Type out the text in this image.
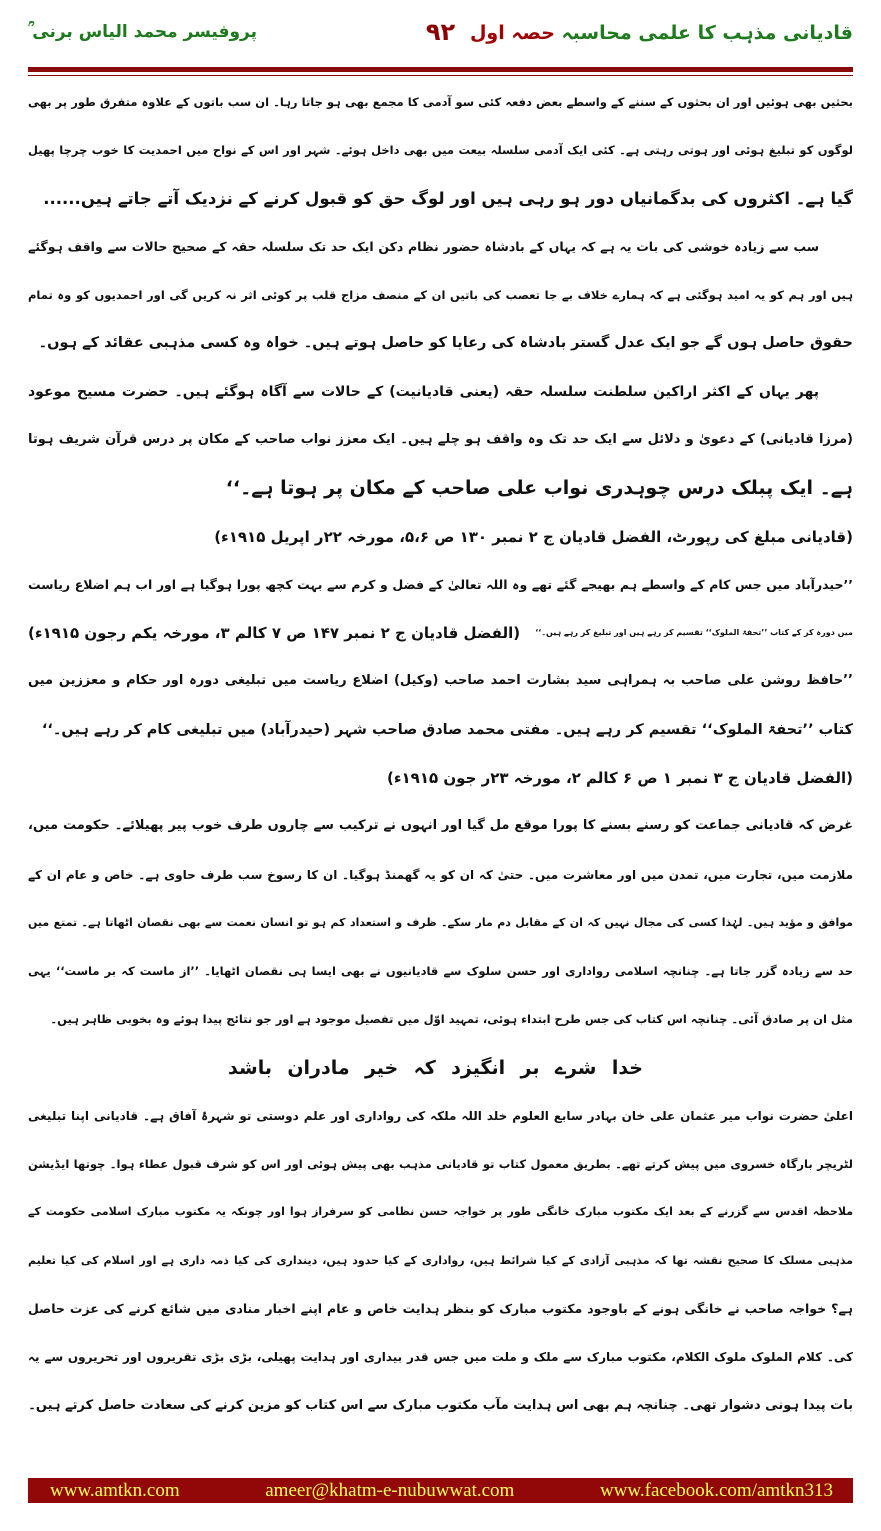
قادیانی مذہب کا علمی محاسبہ حصہ اول
۹۲
پروفیسر محمد الیاس برنی ؒ
بحثیں بھی ہوئیں اور ان بحثوں کے سننے کے واسطے بعض دفعہ کئی سو آدمی کا مجمع بھی ہو جاتا رہا۔ ان سب باتوں کے علاوہ متفرق طور پر بھی
لوگوں کو تبلیغ ہوئی اور ہوتی رہتی ہے۔ کئی ایک آدمی سلسلہ بیعت میں بھی داخل ہوئے۔ شہر اور اس کے نواح میں احمدیت کا خوب چرچا پھیل
گیا ہے۔ اکثروں کی بدگمانیاں دور ہو رہی ہیں اور لوگ حق کو قبول کرنے کے نزدیک آتے جاتے ہیں......
سب سے زیادہ خوشی کی بات یہ ہے کہ یہاں کے بادشاہ حضور نظام دکن ایک حد تک سلسلہ حقہ کے صحیح حالات سے واقف ہوگئے
ہیں اور ہم کو یہ امید ہوگئی ہے کہ ہمارے خلاف بے جا تعصب کی باتیں ان کے منصف مزاج قلب پر کوئی اثر نہ کریں گی اور احمدیوں کو وہ تمام
حقوق حاصل ہوں گے جو ایک عدل گستر بادشاہ کی رعایا کو حاصل ہوتے ہیں۔ خواہ وہ کسی مذہبی عقائد کے ہوں۔
پھر یہاں کے اکثر اراکین سلطنت سلسلہ حقہ (یعنی قادیانیت) کے حالات سے آگاہ ہوگئے ہیں۔ حضرت مسیح موعود
(مرزا قادیانی) کے دعویٰ و دلائل سے ایک حد تک وہ واقف ہو چلے ہیں۔ ایک معزز نواب صاحب کے مکان پر درس قرآن شریف ہوتا
ہے۔ ایک پبلک درس چوہدری نواب علی صاحب کے مکان پر ہوتا ہے۔‘‘
(قادیانی مبلغ کی رپورٹ، الفضل قادیان ج ۲ نمبر ۱۳۰ ص ۵،۶، مورخہ ۲۲ر اپریل ۱۹۱۵ء)
’’حیدرآباد میں جس کام کے واسطے ہم بھیجے گئے تھے وہ اللہ تعالیٰ کے فضل و کرم سے بہت کچھ پورا ہوگیا ہے اور اب ہم اضلاع ریاست
میں دورہ کر کے کتاب ’’تحفۃ الملوک‘‘ تقسیم کر رہے ہیں اور تبلیغ کر رہے ہیں۔‘‘
(الفضل قادیان ج ۲ نمبر ۱۴۷ ص ۷ کالم ۳، مورخہ یکم رجون ۱۹۱۵ء)
’’حافظ روشن علی صاحب بہ ہمراہی سید بشارت احمد صاحب (وکیل) اضلاع ریاست میں تبلیغی دورہ اور حکام و معززین میں
کتاب ’’تحفۃ الملوک‘‘ تقسیم کر رہے ہیں۔ مفتی محمد صادق صاحب شہر (حیدرآباد) میں تبلیغی کام کر رہے ہیں۔‘‘
(الفضل قادیان ج ۳ نمبر ۱ ص ۶ کالم ۲، مورخہ ۲۳ر جون ۱۹۱۵ء)
غرض کہ قادیانی جماعت کو رسنے بسنے کا پورا موقع مل گیا اور انہوں نے ترکیب سے چاروں طرف خوب پیر پھیلائے۔ حکومت میں،
ملازمت میں، تجارت میں، تمدن میں اور معاشرت میں۔ حتیٰ کہ ان کو یہ گھمنڈ ہوگیا۔ ان کا رسوخ سب طرف حاوی ہے۔ خاص و عام ان کے
موافق و مؤید ہیں۔ لہٰذا کسی کی مجال نہیں کہ ان کے مقابل دم مار سکے۔ ظرف و استعداد کم ہو تو انسان نعمت سے بھی نقصان اٹھاتا ہے۔ تمتع میں
حد سے زیادہ گزر جاتا ہے۔ چنانچہ اسلامی رواداری اور حسن سلوک سے قادیانیوں نے بھی ایسا ہی نقصان اٹھایا۔ ’’از ماست کہ بر ماست‘‘ یہی
مثل ان پر صادق آئی۔ چنانچہ اس کتاب کی جس طرح ابتداء ہوئی، تمہید اوّل میں تفصیل موجود ہے اور جو نتائج پیدا ہوئے وہ بخوبی ظاہر ہیں۔
خدا
شرے
بر
انگیزد
کہ
خیر
مادران
باشد
اعلیٰ حضرت نواب میر عثمان علی خان بہادر سابع العلوم خلد اللہ ملکہ کی رواداری اور علم دوستی تو شہرۂ آفاق ہے۔ قادیانی اپنا تبلیغی
لٹریچر بارگاہ خسروی میں پیش کرتے تھے۔ بطریق معمول کتاب تو قادیانی مذہب بھی پیش ہوئی اور اس کو شرف قبول عطاء ہوا۔ چوتھا ایڈیشن
ملاحظہ اقدس سے گزرنے کے بعد ایک مکتوب مبارک خانگی طور پر خواجہ حسن نظامی کو سرفراز ہوا اور چونکہ یہ مکتوب مبارک اسلامی حکومت کے
مذہبی مسلک کا صحیح نقشہ تھا کہ مذہبی آزادی کے کیا شرائط ہیں، رواداری کے کیا حدود ہیں، دینداری کی کیا ذمہ داری ہے اور اسلام کی کیا تعلیم
ہے؟ خواجہ صاحب نے خانگی ہونے کے باوجود مکتوب مبارک کو بنظر ہدایت خاص و عام اپنے اخبار منادی میں شائع کرنے کی عزت حاصل
کی۔ کلام الملوک ملوک الکلام، مکتوب مبارک سے ملک و ملت میں جس قدر بیداری اور ہدایت پھیلی، بڑی بڑی تقریروں اور تحریروں سے یہ
بات پیدا ہونی دشوار تھی۔ چنانچہ ہم بھی اس ہدایت مآب مکتوب مبارک سے اس کتاب کو مزین کرنے کی سعادت حاصل کرتے ہیں۔
www.amtkn.com	ameer@khatm-e-nubuwwat.com	www.facebook.com/amtkn313
